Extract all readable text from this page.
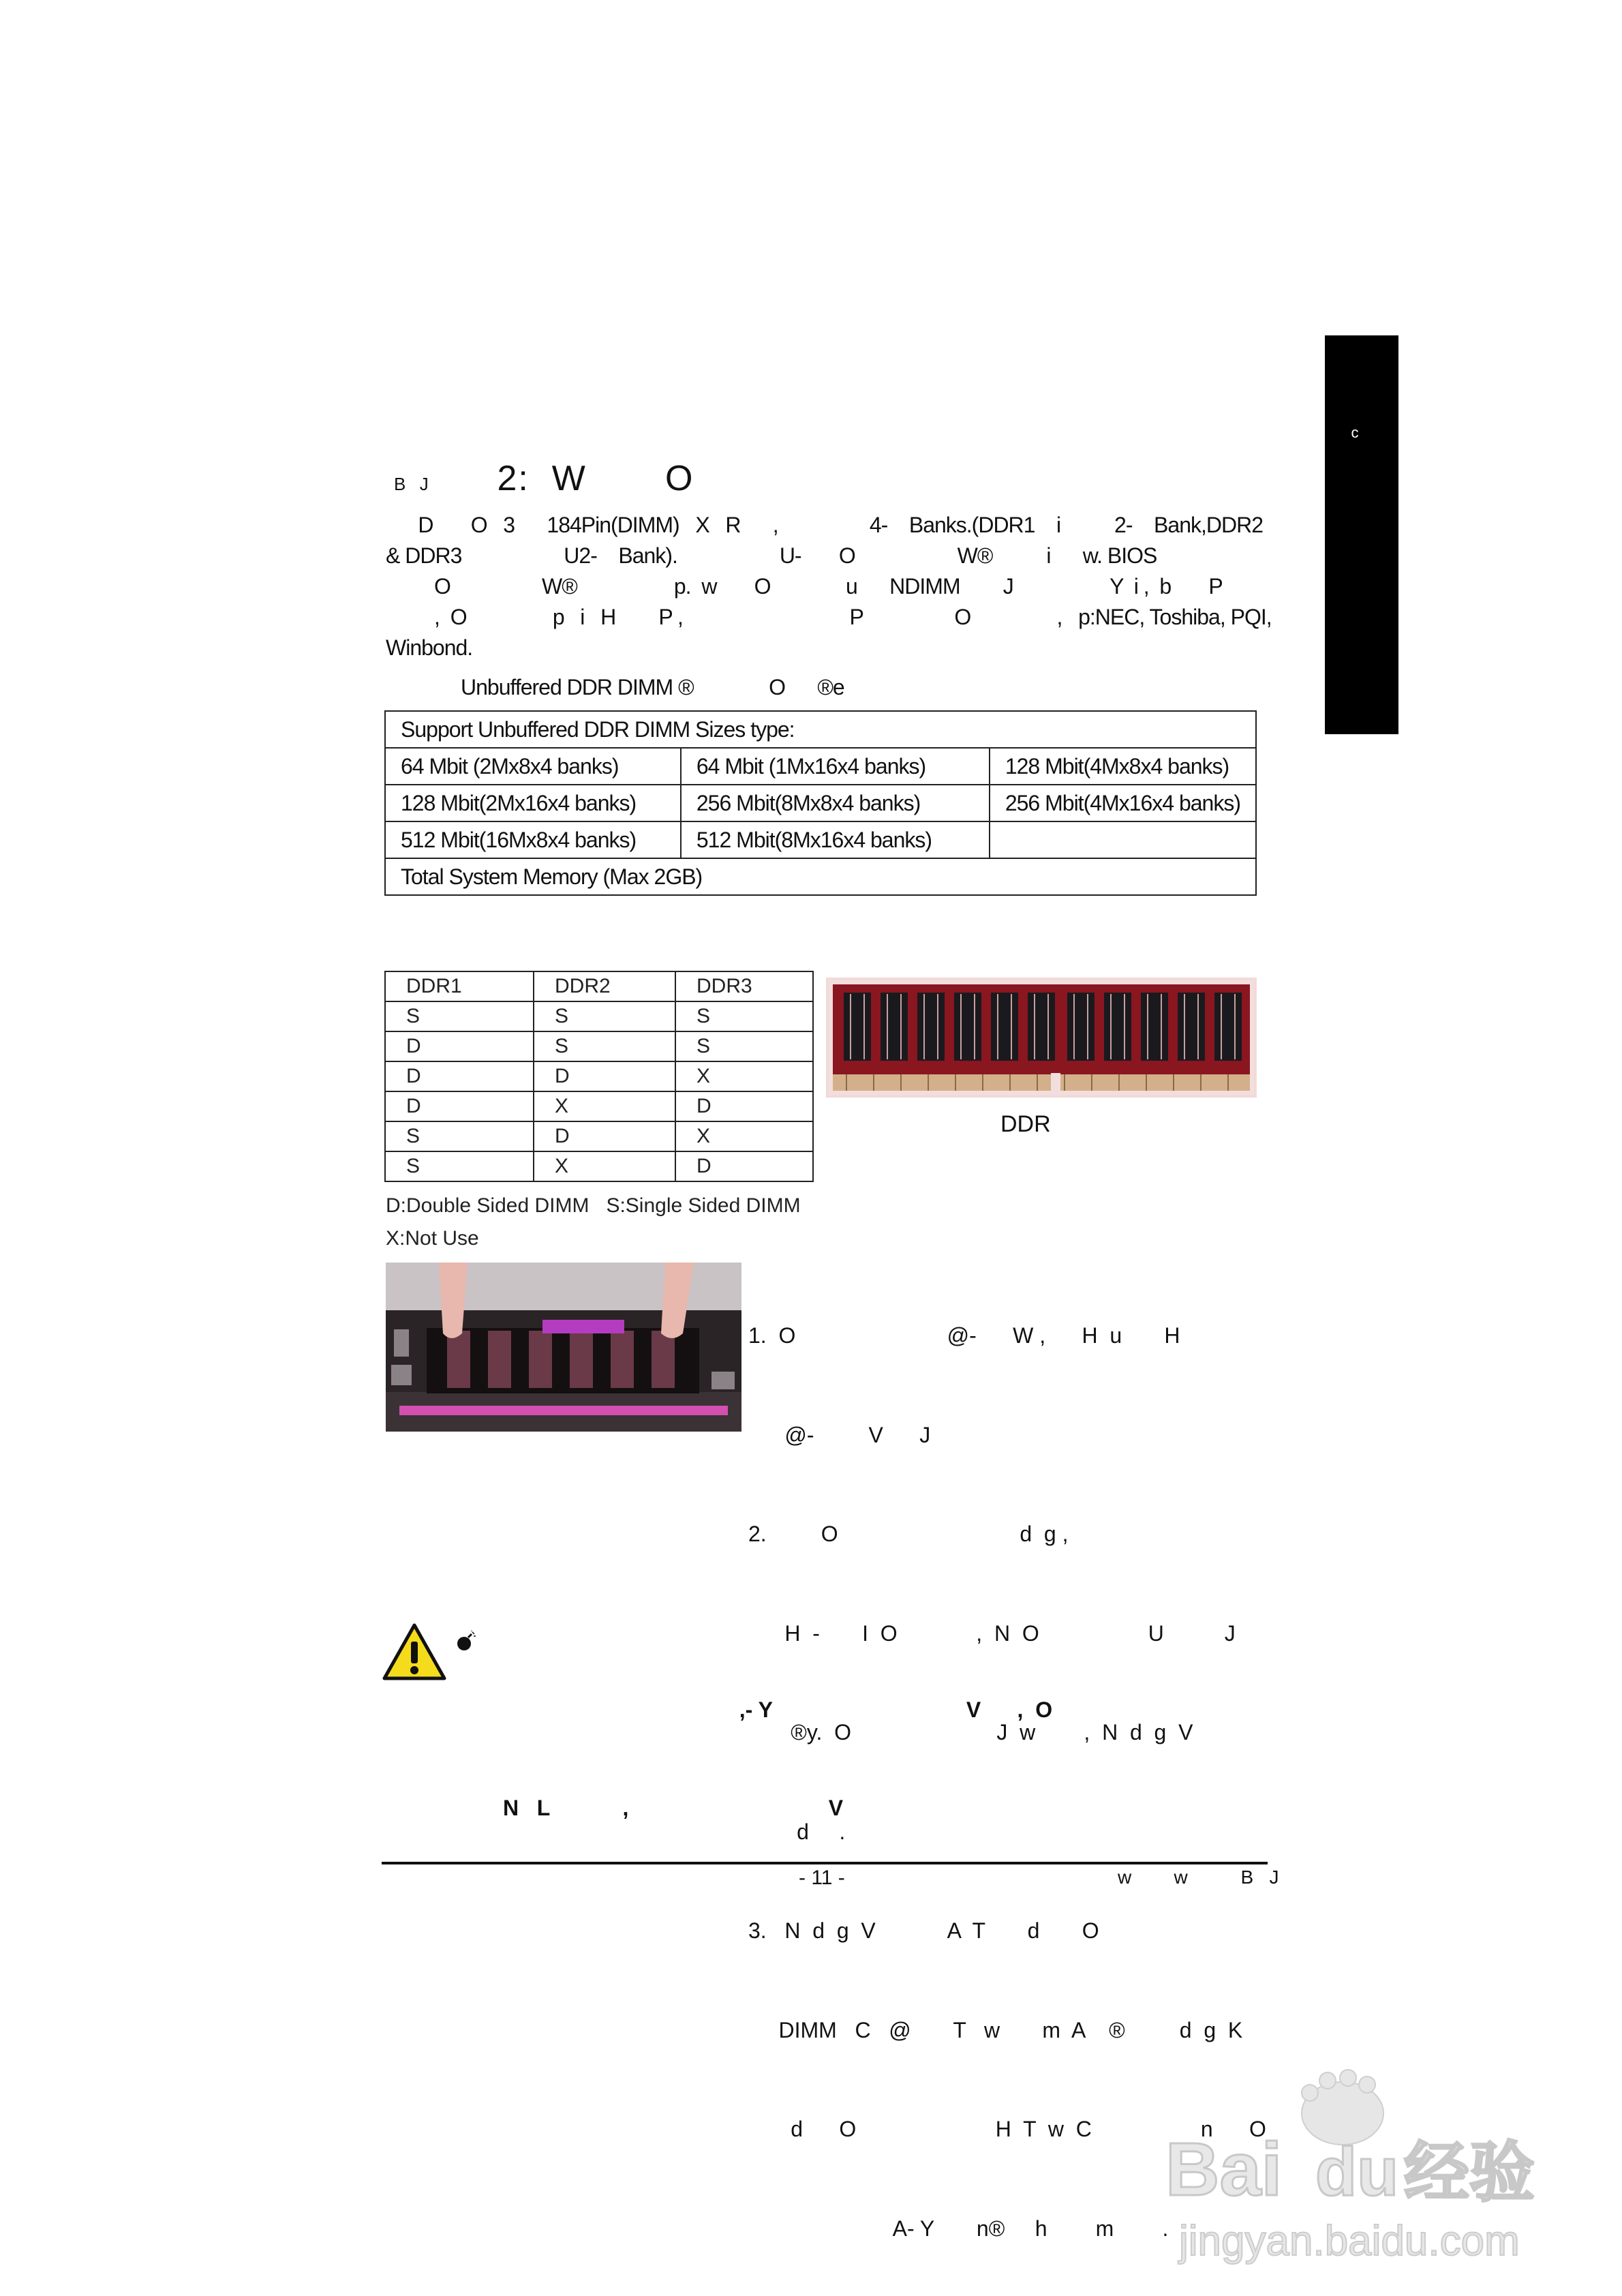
c
B  J 2: W       O
D       O   3      184Pin(DIMM)   X   R      ,                 4-    Banks.(DDR1    i          2-    Bank,DDR2
& DDR3                   U2-    Bank).                   U-       O                   W®          i      w. BIOS
O                 W®                  p.  w       O              u      NDIMM        J                  Y  i ,  b       P
,  O                p   i   H        P ,                               P                 O                ,   p:NEC, Toshiba, PQI,
Winbond.
Unbuffered DDR DIMM ®              O      ®e
Support Unbuffered DDR DIMM Sizes type:		
64 Mbit (2Mx8x4 banks)	64 Mbit (1Mx16x4 banks)	128 Mbit(4Mx8x4 banks)
128 Mbit(2Mx16x4 banks)	256 Mbit(8Mx8x4 banks)	256 Mbit(4Mx16x4 banks)
512 Mbit(16Mx8x4 banks)	512 Mbit(8Mx16x4 banks)	
Total System Memory (Max 2GB)		
DDR1	DDR2	DDR3
S	S	S
D	S	S
D	D	X
D	X	D
S	D	X
S	X	D
D:Double Sided DIMM   S:Single Sided DIMM
X:Not Use
DDR

1.  O                         @-      W ,      H  u       H

@-         V      J

2.         O                              d  g ,

H  -       I  O             ,  N  O                  U          J

®y.  O                        J  w        ,  N  d  g  V

d     .

3.   N  d  g  V            A  T       d       O

DIMM   C   @       T   w       m  A    ®         d  g  K

d      O                       H  T  w  C                  n      O

A- Y       n®     h        m        .

,- Y                                V      ,  O

N   L            ,                                 V

- 11 -	w        w          B   J
Bai du 经验
jingyan.baidu.com
